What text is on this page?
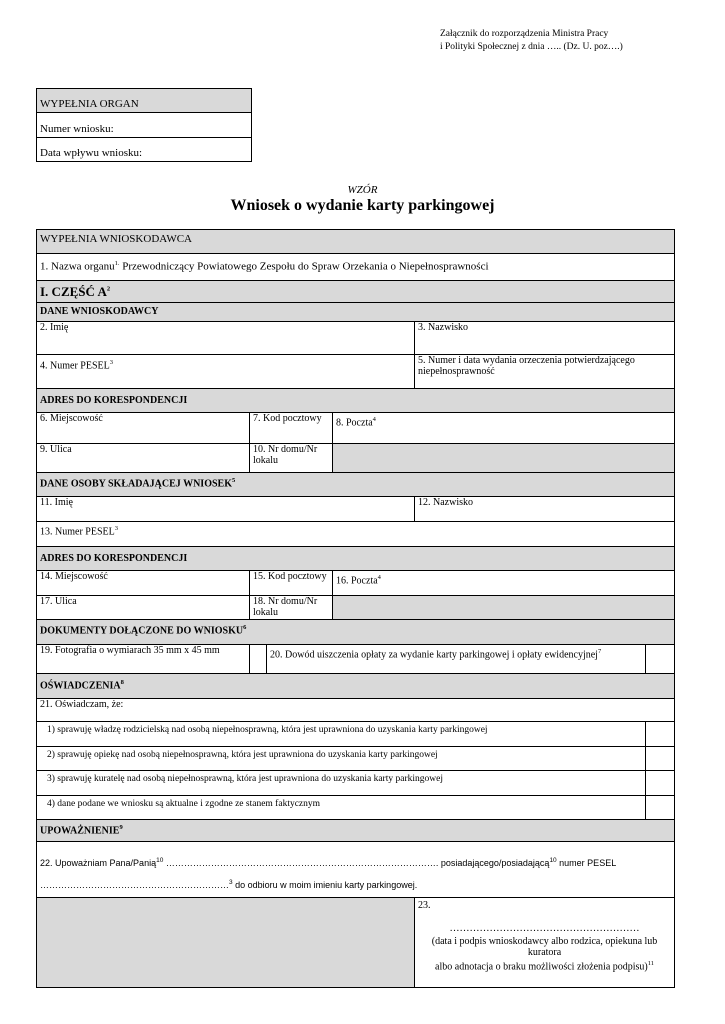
Załącznik do rozporządzenia Ministra Pracy
i Polityki Społecznej z dnia ….. (Dz. U. poz….)
WYPEŁNIA ORGAN
Numer wniosku:
Data wpływu wniosku:
WZÓR
Wniosek o wydanie karty parkingowej
WYPEŁNIA WNIOSKODAWCA					
1. Nazwa organu$^{1.}$ Przewodniczący Powiatowego Zespołu do Spraw Orzekania o Niepełnosprawności					
I. CZĘŚĆ $A^2$
DANE WNIOSKODAWCY					
2. Imię				3. Nazwisko	
4. Numer PESEL$^3$				5. Numer i data wydania orzeczenia potwierdzającego niepełnosprawność	
ADRES DO KORESPONDENCJI					
6. Miejscowość	7. Kod pocztowy		8. Poczta$^4$
9. Ulica	10. Nr domu/Nr lokalu				
DANE OSOBY SKŁADAJĄCEJ WNIOSEK$^5$
11. Imię				12. Nazwisko	
13. Numer PESEL$^3$
ADRES DO KORESPONDENCJI					
14. Miejscowość	15. Kod pocztowy		16. Poczta$^4$
17. Ulica	18. Nr domu/Nr lokalu				
DOKUMENTY DOŁĄCZONE DO WNIOSKU$^6$
19. Fotografia o wymiarach 35 mm x 45 mm		20. Dowód uiszczenia opłaty za wydanie karty parkingowej i opłaty ewidencyjnej$^7$	
OŚWIADCZENIA$^8$
21. Oświadczam, że:					
1) sprawuję władzę rodzicielską nad osobą niepełnosprawną, która jest uprawniona do uzyskania karty parkingowej					
2) sprawuję opiekę nad osobą niepełnosprawną, która jest uprawniona do uzyskania karty parkingowej					
3) sprawuję kuratelę nad osobą niepełnosprawną, która jest uprawniona do uzyskania karty parkingowej					
4) dane podane we wniosku są aktualne i zgodne ze stanem faktycznym					
UPOWAŻNIENIE$^9$

22. Upoważniam Pana/Panią$^{10}$ ………………………………………………………………………………. posiadającego/posiadającą$^{10}$ numer PESEL
………………………………………………………$^3$ do odbioru w moim imieniu karty parkingowej.					

				23.
…………………………………………………
(data i podpis wnioskodawcy albo rodzica, opiekuna lub kuratora
albo adnotacja o braku możliwości złożenia podpisu)$^{11}$
